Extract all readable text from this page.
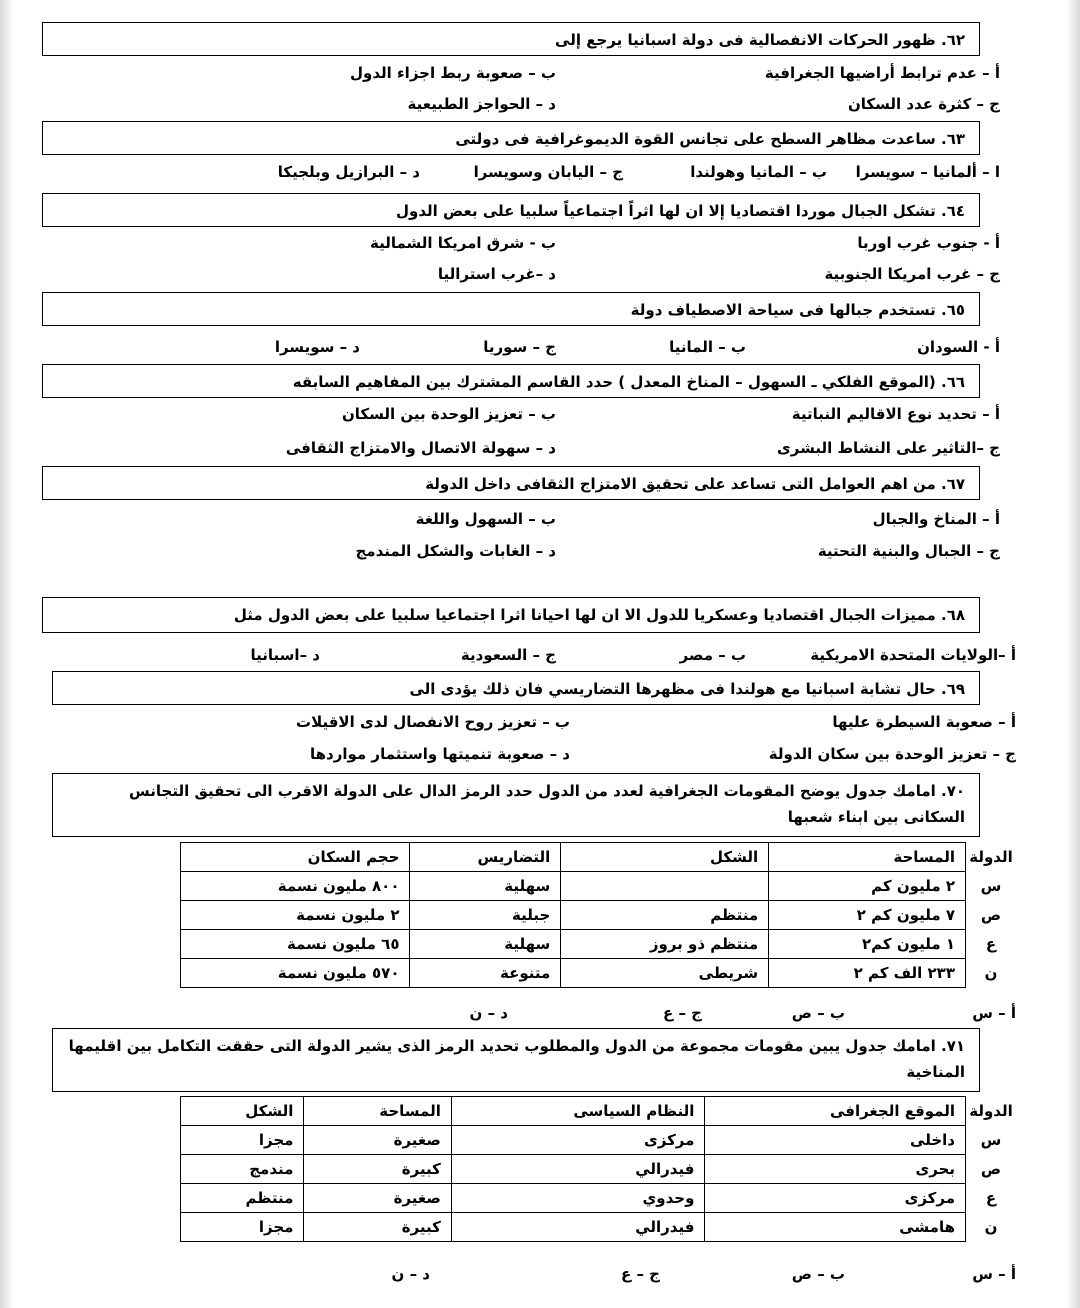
٦٢. ظهور الحركات الانفصالية فى دولة اسبانيا يرجع إلى
أ – عدم ترابط أراضيها الجغرافية
ب – صعوبة ربط اجزاء الدول
ج – كثرة عدد السكان
د – الحواجز الطبيعية
٦٣. ساعدت مظاهر السطح على تجانس القوة الديموغرافية فى دولتى
ا – ألمانيا – سويسرا
ب – المانيا وهولندا
ج – اليابان وسويسرا
د – البرازيل وبلجيكا
٦٤. تشكل الجبال موردا اقتصاديا إلا ان لها اثراً اجتماعياً سلبيا على بعض الدول
أ - جنوب غرب اوربا
ب - شرق امريكا الشمالية
ج – غرب امريكا الجنوبية
د –غرب استراليا
٦٥. تستخدم جبالها فى سياحة الاصطياف دولة
أ - السودان
ب – المانيا
ج – سوريا
د – سويسرا
٦٦. (الموقع الفلكي ـ السهول – المناخ المعدل ) حدد القاسم المشترك بين المفاهيم السابقه
أ – تحديد نوع الاقاليم النباتية
ب – تعزيز الوحدة بين السكان
ج –التاثير على النشاط البشرى
د – سهولة الاتصال والامتزاج الثقافى
٦٧. من اهم العوامل التى تساعد على تحقيق الامتزاج الثقافى داخل الدولة
أ – المناخ والجبال
ب – السهول واللغة
ج – الجبال والبنية التحتية
د – الغابات والشكل المندمج
٦٨. مميزات الجبال اقتصاديا وعسكريا للدول الا ان لها احيانا اثرا اجتماعيا سلبيا على بعض الدول مثل
أ –الولايات المتحدة الامريكية
ب – مصر
ج – السعودية
د –اسبانيا
٦٩. حال تشابة اسبانيا مع هولندا فى مظهرها التضاريسي فان ذلك يؤدى الى
أ – صعوبة السيطرة عليها
ب – تعزيز روح الانفصال لدى الاقيلات
ج – تعزيز الوحدة بين سكان الدولة
د – صعوبة تنميتها واستثمار مواردها
٧٠. امامك جدول يوضح المقومات الجغرافية لعدد من الدول حدد الرمز الدال على الدولة الاقرب الى تحقيق التجانس السكانى بين ابناء شعبها
الدولة	المساحة	الشكل	التضاريس	حجم السكان
س	٢ مليون كم		سهلية	٨٠٠ مليون نسمة
ص	٧ مليون كم ٢	منتظم	جبلية	٢ مليون نسمة
ع	١ مليون كم٢	منتظم ذو بروز	سهلية	٦٥ مليون نسمة
ن	٢٣٣ الف كم ٢	شريطى	متنوعة	٥٧٠ مليون نسمة
أ – س
ب – ص
ج – ع
د – ن
٧١. امامك جدول يبين مقومات مجموعة من الدول والمطلوب تحديد الرمز الذى يشير الدولة التى حققت التكامل بين اقليمها المناخية
الدولة	الموقع الجغرافى	النظام السياسى	المساحة	الشكل
س	داخلى	مركزى	صغيرة	مجزا
ص	بحرى	فيدرالي	كبيرة	مندمج
ع	مركزى	وحدوي	صغيرة	منتظم
ن	هامشى	فيدرالي	كبيرة	مجزا
أ – س
ب – ص
ج – ع
د – ن
